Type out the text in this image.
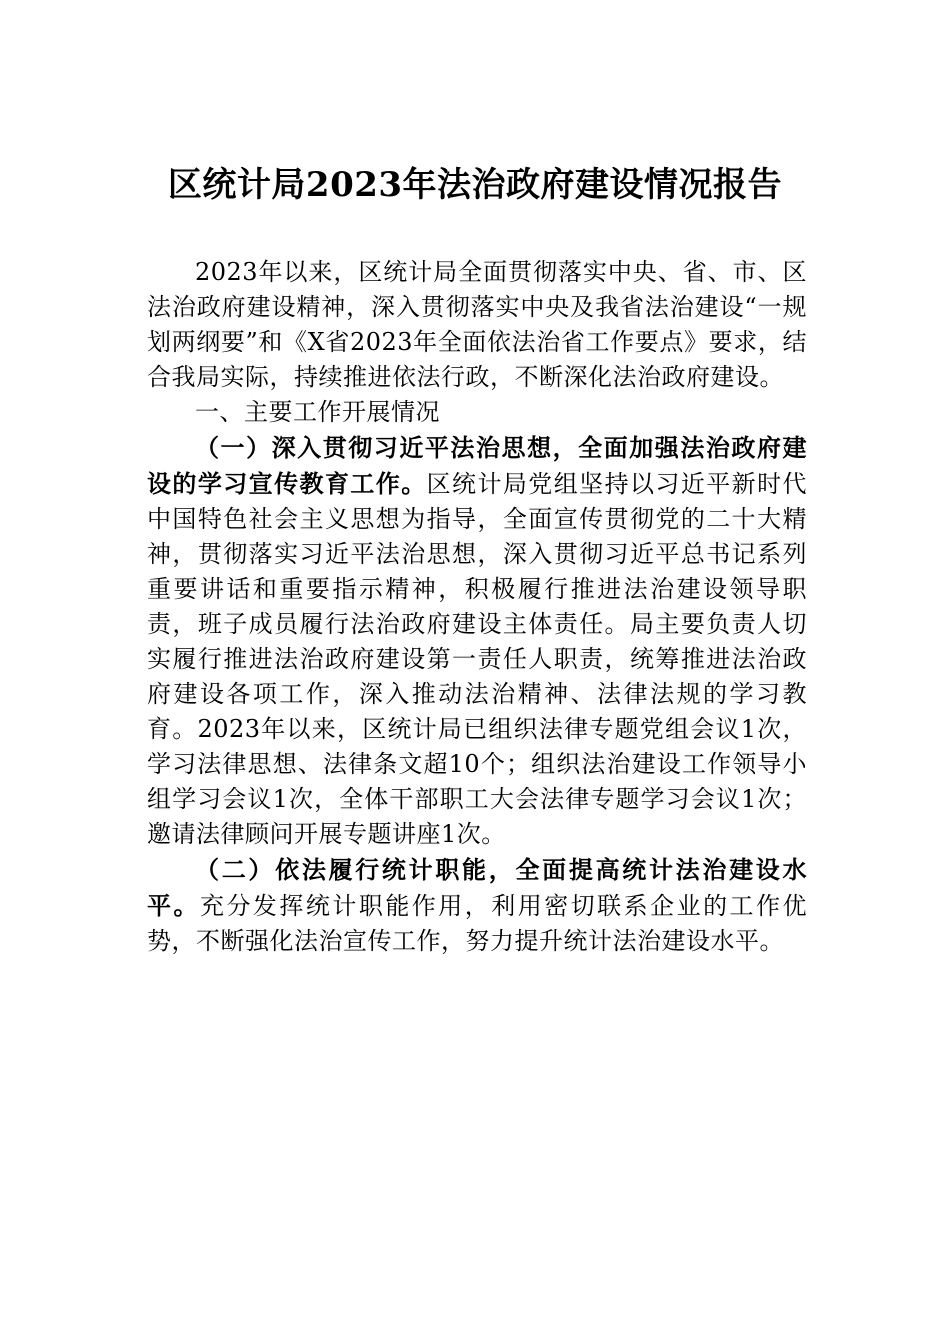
区统计局2023年法治政府建设情况报告

2023年以来，区统计局全面贯彻落实中央、省、市、区法治政府建设精神，深入贯彻落实中央及我省法治建设“一规划两纲要”和《X省2023年全面依法治省工作要点》要求，结合我局实际，持续推进依法行政，不断深化法治政府建设。

一、主要工作开展情况

（一）深入贯彻习近平法治思想，全面加强法治政府建设的学习宣传教育工作。区统计局党组坚持以习近平新时代中国特色社会主义思想为指导，全面宣传贯彻党的二十大精神，贯彻落实习近平法治思想，深入贯彻习近平总书记系列重要讲话和重要指示精神，积极履行推进法治建设领导职责，班子成员履行法治政府建设主体责任。局主要负责人切实履行推进法治政府建设第一责任人职责，统筹推进法治政府建设各项工作，深入推动法治精神、法律法规的学习教育。2023年以来，区统计局已组织法律专题党组会议1次，学习法律思想、法律条文超10个；组织法治建设工作领导小组学习会议1次，全体干部职工大会法律专题学习会议1次；邀请法律顾问开展专题讲座1次。

（二）依法履行统计职能，全面提高统计法治建设水平。充分发挥统计职能作用，利用密切联系企业的工作优势，不断强化法治宣传工作，努力提升统计法治建设水平。
